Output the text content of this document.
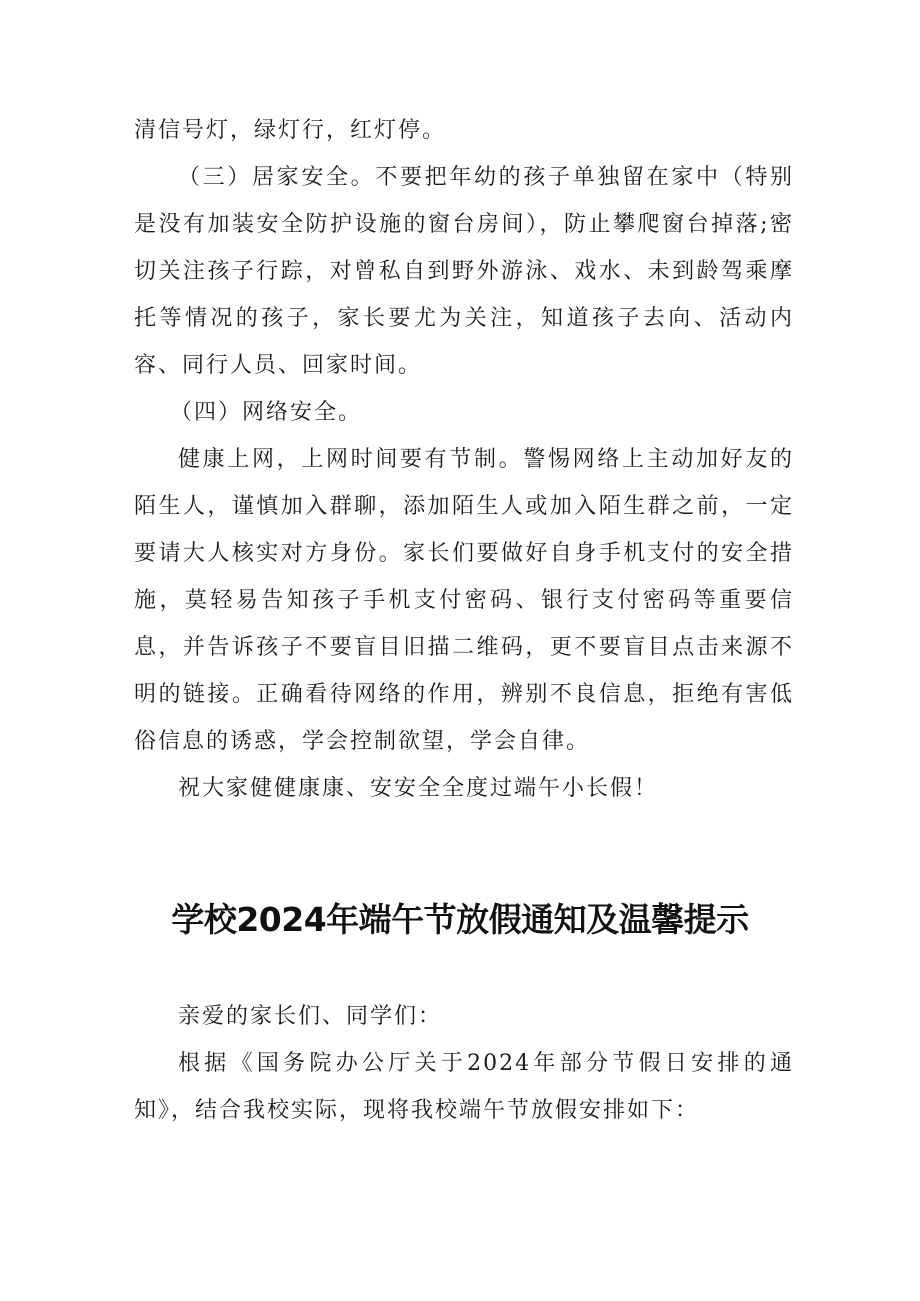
清信号灯，绿灯行，红灯停。

（三）居家安全。不要把年幼的孩子单独留在家中（特别是没有加装安全防护设施的窗台房间），防止攀爬窗台掉落;密切关注孩子行踪，对曾私自到野外游泳、戏水、未到龄驾乘摩托等情况的孩子，家长要尤为关注，知道孩子去向、活动内容、同行人员、回家时间。

（四）网络安全。

健康上网，上网时间要有节制。警惕网络上主动加好友的陌生人，谨慎加入群聊，添加陌生人或加入陌生群之前，一定要请大人核实对方身份。家长们要做好自身手机支付的安全措施，莫轻易告知孩子手机支付密码、银行支付密码等重要信息，并告诉孩子不要盲目旧描二维码，更不要盲目点击来源不明的链接。正确看待网络的作用，辨别不良信息，拒绝有害低俗信息的诱惑，学会控制欲望，学会自律。

祝大家健健康康、安安全全度过端午小长假！

学校2024年端午节放假通知及温馨提示

亲爱的家长们、同学们：

根据《国务院办公厅关于2024年部分节假日安排的通知》，结合我校实际，现将我校端午节放假安排如下：
